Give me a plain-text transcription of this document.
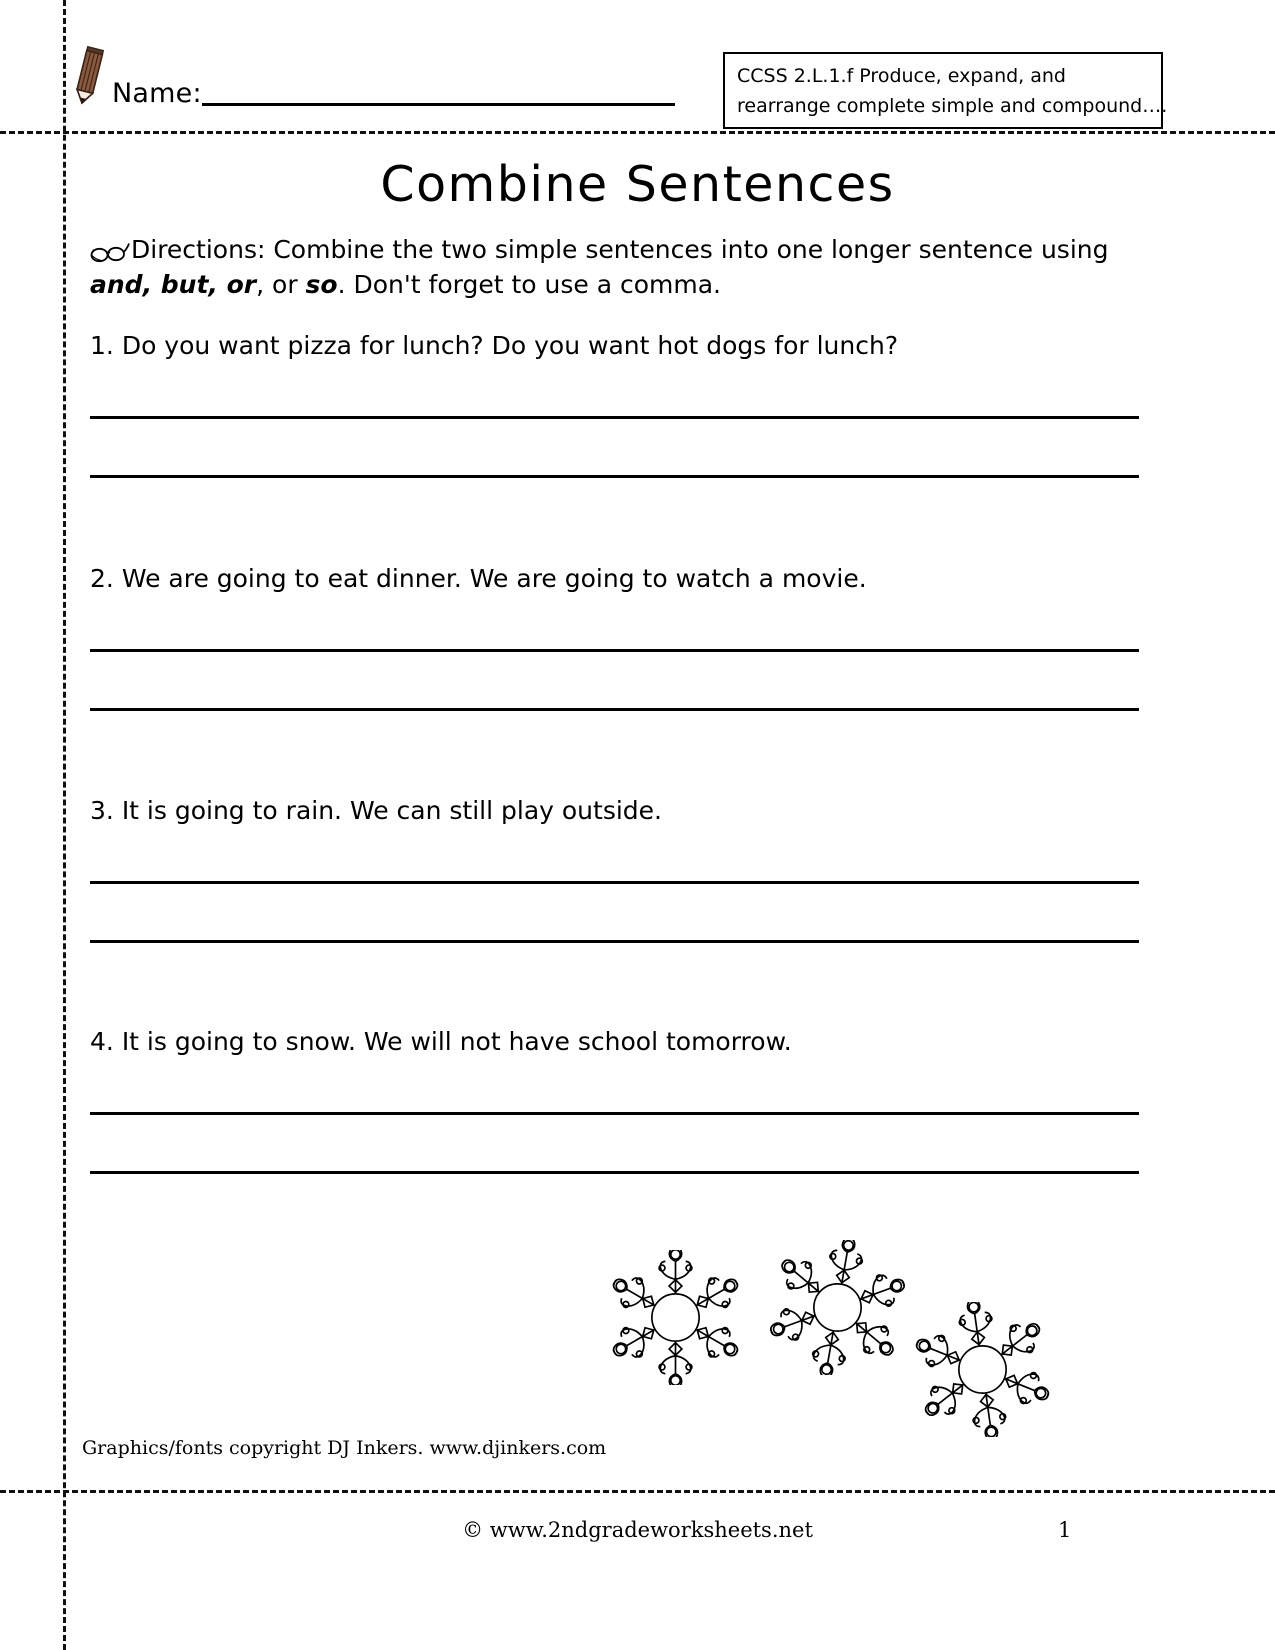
Name:
CCSS 2.L.1.f Produce, expand, and
rearrange complete simple and compound….
Combine Sentences
Directions: Combine the two simple sentences into one longer sentence using
and, but, or, or so. Don't forget to use a comma.
1. Do you want pizza for lunch? Do you want hot dogs for lunch?
2. We are going to eat dinner. We are going to watch a movie.
3. It is going to rain. We can still play outside.
4. It is going to snow. We will not have school tomorrow.
Graphics/fonts copyright DJ Inkers. www.djinkers.com
© www.2ndgradeworksheets.net	1
